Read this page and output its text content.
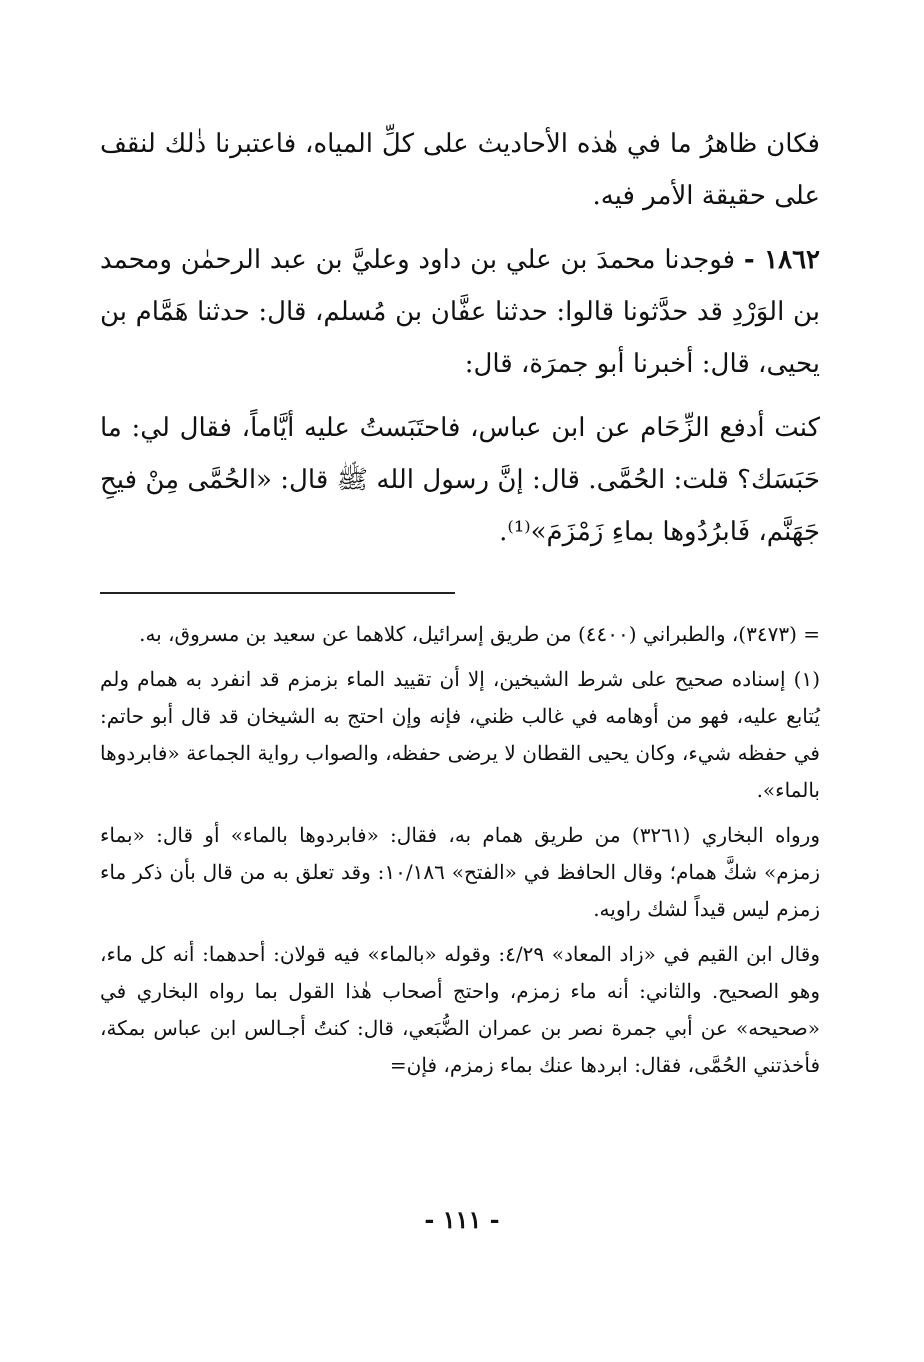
فكان ظاهرُ ما في هٰذه الأحاديث على كلِّ المياه، فاعتبرنا ذٰلك لنقف على حقيقة الأمر فيه.

١٨٦٢ - فوجدنا محمدَ بن علي بن داود وعليَّ بن عبد الرحمٰن ومحمد بن الوَرْدِ قد حدَّثونا قالوا: حدثنا عفَّان بن مُسلم، قال: حدثنا هَمَّام بن يحيى، قال: أخبرنا أبو جمرَة، قال:

كنت أدفع الزِّحَام عن ابن عباس، فاحتَبَستُ عليه أيَّاماً، فقال لي: ما حَبَسَك؟ قلت: الحُمَّى. قال: إنَّ رسول الله ﷺ قال: «الحُمَّى مِنْ فيحِ جَهَنَّم، فَابرُدُوها بماءِ زَمْزَمَ»⁽¹⁾.

= (٣٤٧٣)، والطبراني (٤٤٠٠) من طريق إسرائيل، كلاهما عن سعيد بن مسروق، به.

(١) إسناده صحيح على شرط الشيخين، إلا أن تقييد الماء بزمزم قد انفرد به همام ولم يُتابع عليه، فهو من أوهامه في غالب ظني، فإنه وإن احتج به الشيخان قد قال أبو حاتم: في حفظه شيء، وكان يحيى القطان لا يرضى حفظه، والصواب رواية الجماعة «فابردوها بالماء».

ورواه البخاري (٣٢٦١) من طريق همام به، فقال: «فابردوها بالماء» أو قال: «بماء زمزم» شكَّ همام؛ وقال الحافظ في «الفتح» ١٠/١٨٦: وقد تعلق به من قال بأن ذكر ماء زمزم ليس قيداً لشك راويه.

وقال ابن القيم في «زاد المعاد» ٤/٢٩: وقوله «بالماء» فيه قولان: أحدهما: أنه كل ماء، وهو الصحيح. والثاني: أنه ماء زمزم، واحتج أصحاب هٰذا القول بما رواه البخاري في «صحيحه» عن أبي جمرة نصر بن عمران الضُّبَعي، قال: كنتُ أجـالس ابن عباس بمكة، فأخذتني الحُمَّى، فقال: ابردها عنك بماء زمزم، فإن=

- ١١١ -
